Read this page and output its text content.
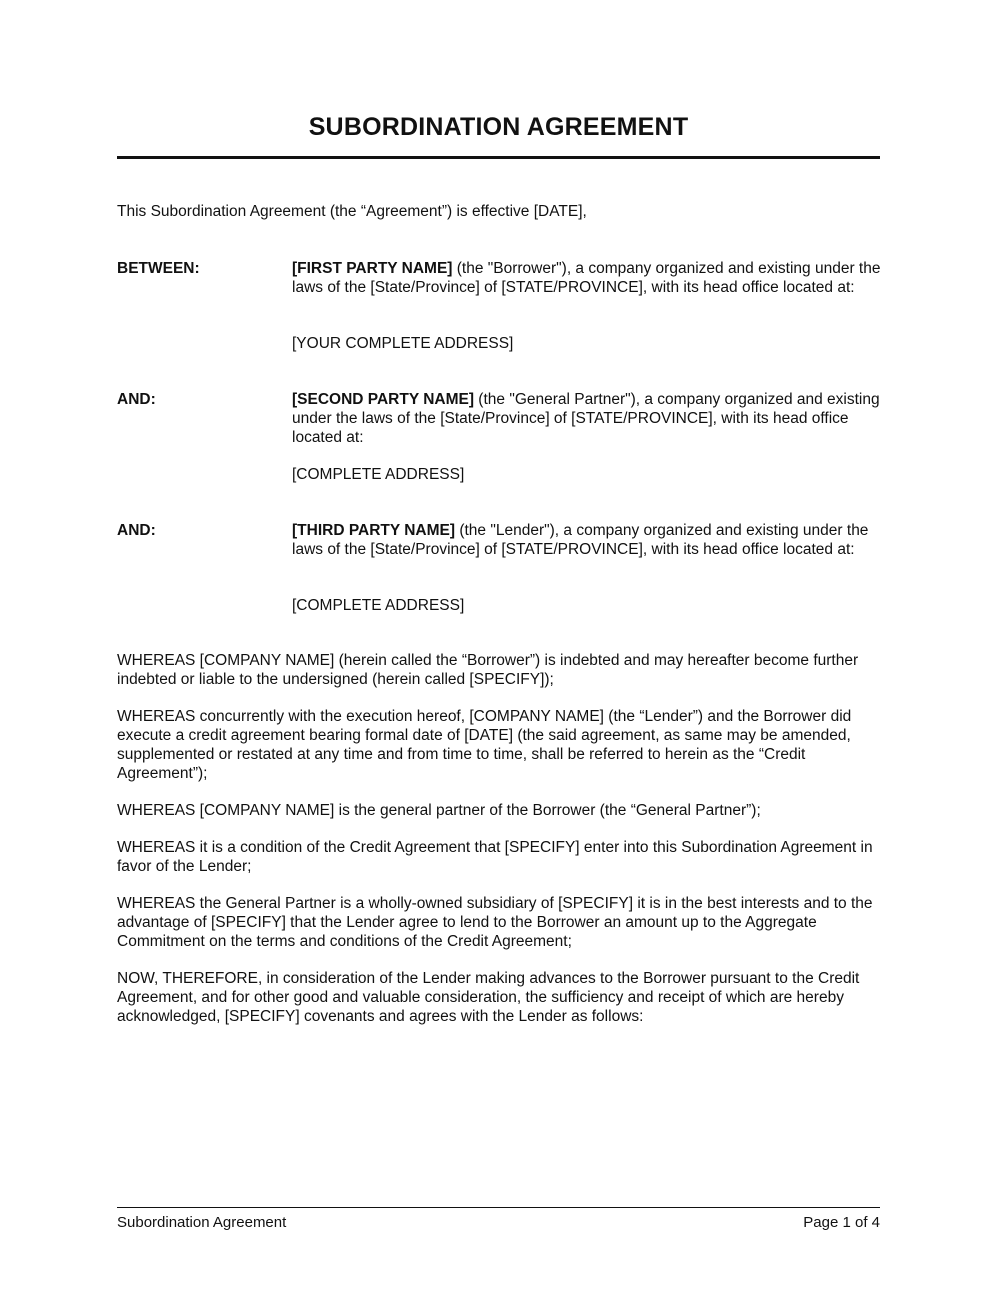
SUBORDINATION AGREEMENT

This Subordination Agreement (the “Agreement”) is effective [DATE],

BETWEEN:	[FIRST PARTY NAME] (the "Borrower"), a company organized and existing under the laws of the [State/Province] of [STATE/PROVINCE], with its head office located at:

[YOUR COMPLETE ADDRESS]

AND:	[SECOND PARTY NAME] (the "General Partner"), a company organized and existing under the laws of the [State/Province] of [STATE/PROVINCE], with its head office located at:

[COMPLETE ADDRESS]

AND:	[THIRD PARTY NAME] (the "Lender"), a company organized and existing under the laws of the [State/Province] of [STATE/PROVINCE], with its head office located at:

[COMPLETE ADDRESS]

WHEREAS [COMPANY NAME] (herein called the “Borrower”) is indebted and may hereafter become further indebted or liable to the undersigned (herein called [SPECIFY]);

WHEREAS concurrently with the execution hereof, [COMPANY NAME] (the “Lender”) and the Borrower did execute a credit agreement bearing formal date of [DATE] (the said agreement, as same may be amended, supplemented or restated at any time and from time to time, shall be referred to herein as the “Credit Agreement”);

WHEREAS [COMPANY NAME] is the general partner of the Borrower (the “General Partner”);

WHEREAS it is a condition of the Credit Agreement that [SPECIFY] enter into this Subordination Agreement in favor of the Lender;

WHEREAS the General Partner is a wholly-owned subsidiary of [SPECIFY] it is in the best interests and to the advantage of [SPECIFY] that the Lender agree to lend to the Borrower an amount up to the Aggregate Commitment on the terms and conditions of the Credit Agreement;

NOW, THEREFORE, in consideration of the Lender making advances to the Borrower pursuant to the Credit Agreement, and for other good and valuable consideration, the sufficiency and receipt of which are hereby acknowledged, [SPECIFY] covenants and agrees with the Lender as follows:

Subordination Agreement	Page 1 of 4
